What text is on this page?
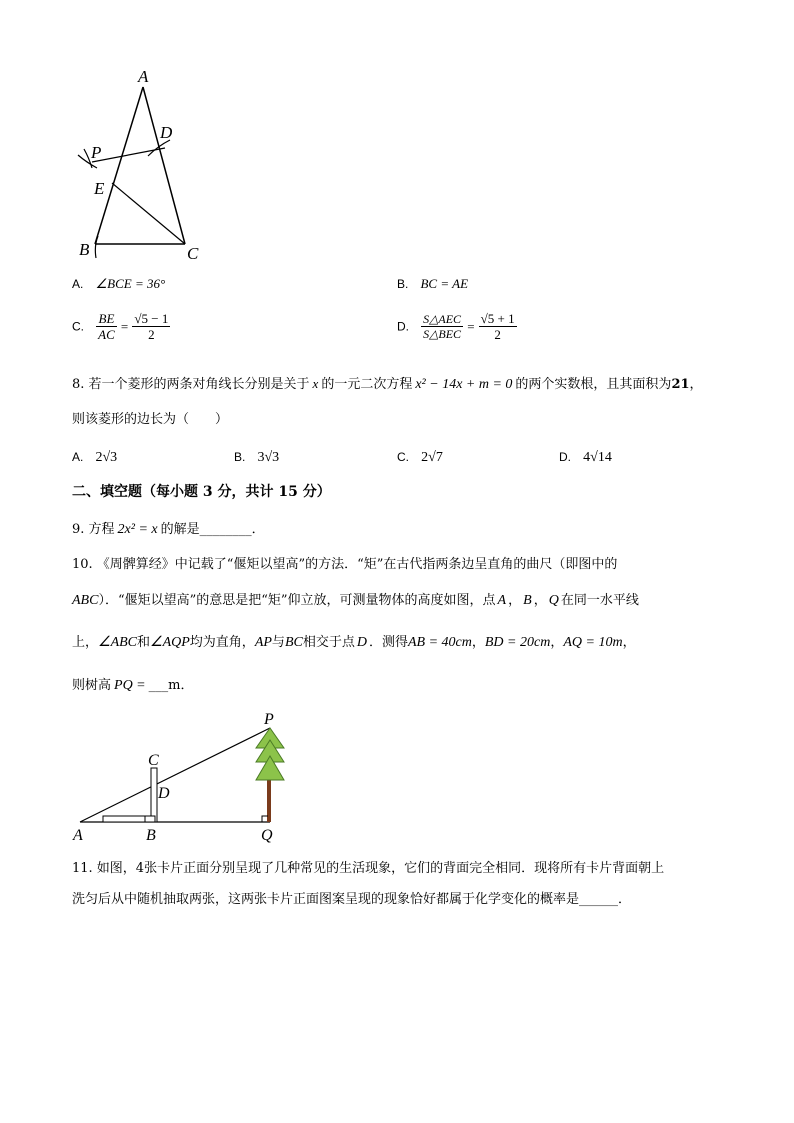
A
D
P
E
B	C
A. ∠BCE = 36°	B. BC = AE
C. $\frac{BE}{AC} = \frac{√5 - 1}{2}$	D. $\frac{\text{S△AEC}}{\text{S△BEC}} = \frac{√5 + 1}{2}$
8. 若一个菱形的两条对角线长分别是关于 x 的一元二次方程 x² − 14x + m = 0 的两个实数根，且其面积为21，
则该菱形的边长为（　　）
A. 2√3	B. 3√3	C. 2√7	D. 4√14
二、填空题（每小题 3 分，共计 15 分）
9. 方程 2x² = x 的解是________．
10. 《周髀算经》中记载了“偃矩以望高”的方法．“矩”在古代指两条边呈直角的曲尺（即图中的
ABC）．“偃矩以望高”的意思是把“矩”仰立放，可测量物体的高度如图，点 A ， B ， Q 在同一水平线
上，∠ABC和∠AQP均为直角，AP与BC相交于点 D ．测得AB = 40cm，BD = 20cm，AQ = 10m，
则树高 PQ = ___m．
P
C
D
A	B	Q
11. 如图，4张卡片正面分别呈现了几种常见的生活现象，它们的背面完全相同．现将所有卡片背面朝上
洗匀后从中随机抽取两张，这两张卡片正面图案呈现的现象恰好都属于化学变化的概率是______．
